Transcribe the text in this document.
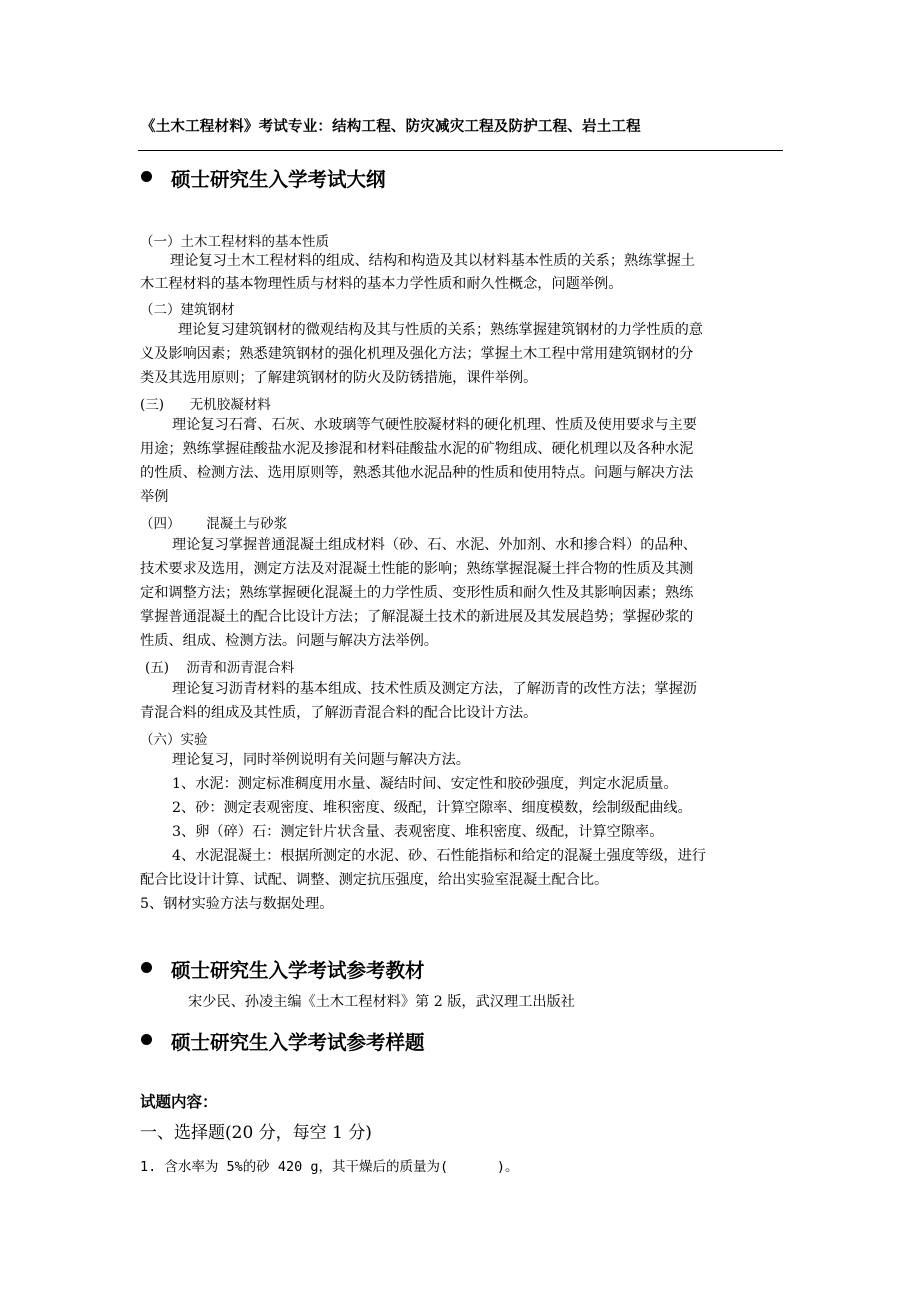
《土木工程材料》考试专业：结构工程、防灾减灾工程及防护工程、岩土工程
硕士研究生入学考试大纲
（一）土木工程材料的基本性质
理论复习土木工程材料的组成、结构和构造及其以材料基本性质的关系；熟练掌握土
木工程材料的基本物理性质与材料的基本力学性质和耐久性概念，问题举例。
（二）建筑钢材
理论复习建筑钢材的微观结构及其与性质的关系；熟练掌握建筑钢材的力学性质的意
义及影响因素；熟悉建筑钢材的强化机理及强化方法；掌握土木工程中常用建筑钢材的分
类及其选用原则；了解建筑钢材的防火及防锈措施，课件举例。
(三)      无机胶凝材料
理论复习石膏、石灰、水玻璃等气硬性胶凝材料的硬化机理、性质及使用要求与主要
用途；熟练掌握硅酸盐水泥及掺混和材料硅酸盐水泥的矿物组成、硬化机理以及各种水泥
的性质、检测方法、选用原则等，熟悉其他水泥品种的性质和使用特点。问题与解决方法
举例
（四）      混凝土与砂浆
理论复习掌握普通混凝土组成材料（砂、石、水泥、外加剂、水和掺合料）的品种、
技术要求及选用，测定方法及对混凝土性能的影响；熟练掌握混凝土拌合物的性质及其测
定和调整方法；熟练掌握硬化混凝土的力学性质、变形性质和耐久性及其影响因素；熟练
掌握普通混凝土的配合比设计方法；了解混凝土技术的新进展及其发展趋势；掌握砂浆的
性质、组成、检测方法。问题与解决方法举例。
(五)    沥青和沥青混合料
理论复习沥青材料的基本组成、技术性质及测定方法，了解沥青的改性方法；掌握沥
青混合料的组成及其性质，了解沥青混合料的配合比设计方法。
（六）实验
理论复习，同时举例说明有关问题与解决方法。
1、水泥：测定标准稠度用水量、凝结时间、安定性和胶砂强度，判定水泥质量。
2、砂：测定表观密度、堆积密度、级配，计算空隙率、细度模数，绘制级配曲线。
3、卵（碎）石：测定针片状含量、表观密度、堆积密度、级配，计算空隙率。
4、水泥混凝土：根据所测定的水泥、砂、石性能指标和给定的混凝土强度等级，进行
配合比设计计算、试配、调整、测定抗压强度，给出实验室混凝土配合比。
5、钢材实验方法与数据处理。
硕士研究生入学考试参考教材
宋少民、孙凌主编《土木工程材料》第 2 版，武汉理工出版社
硕士研究生入学考试参考样题
试题内容：
一、选择题(20 分，每空 1 分)
1. 含水率为 5%的砂 420 g，其干燥后的质量为(      )。
